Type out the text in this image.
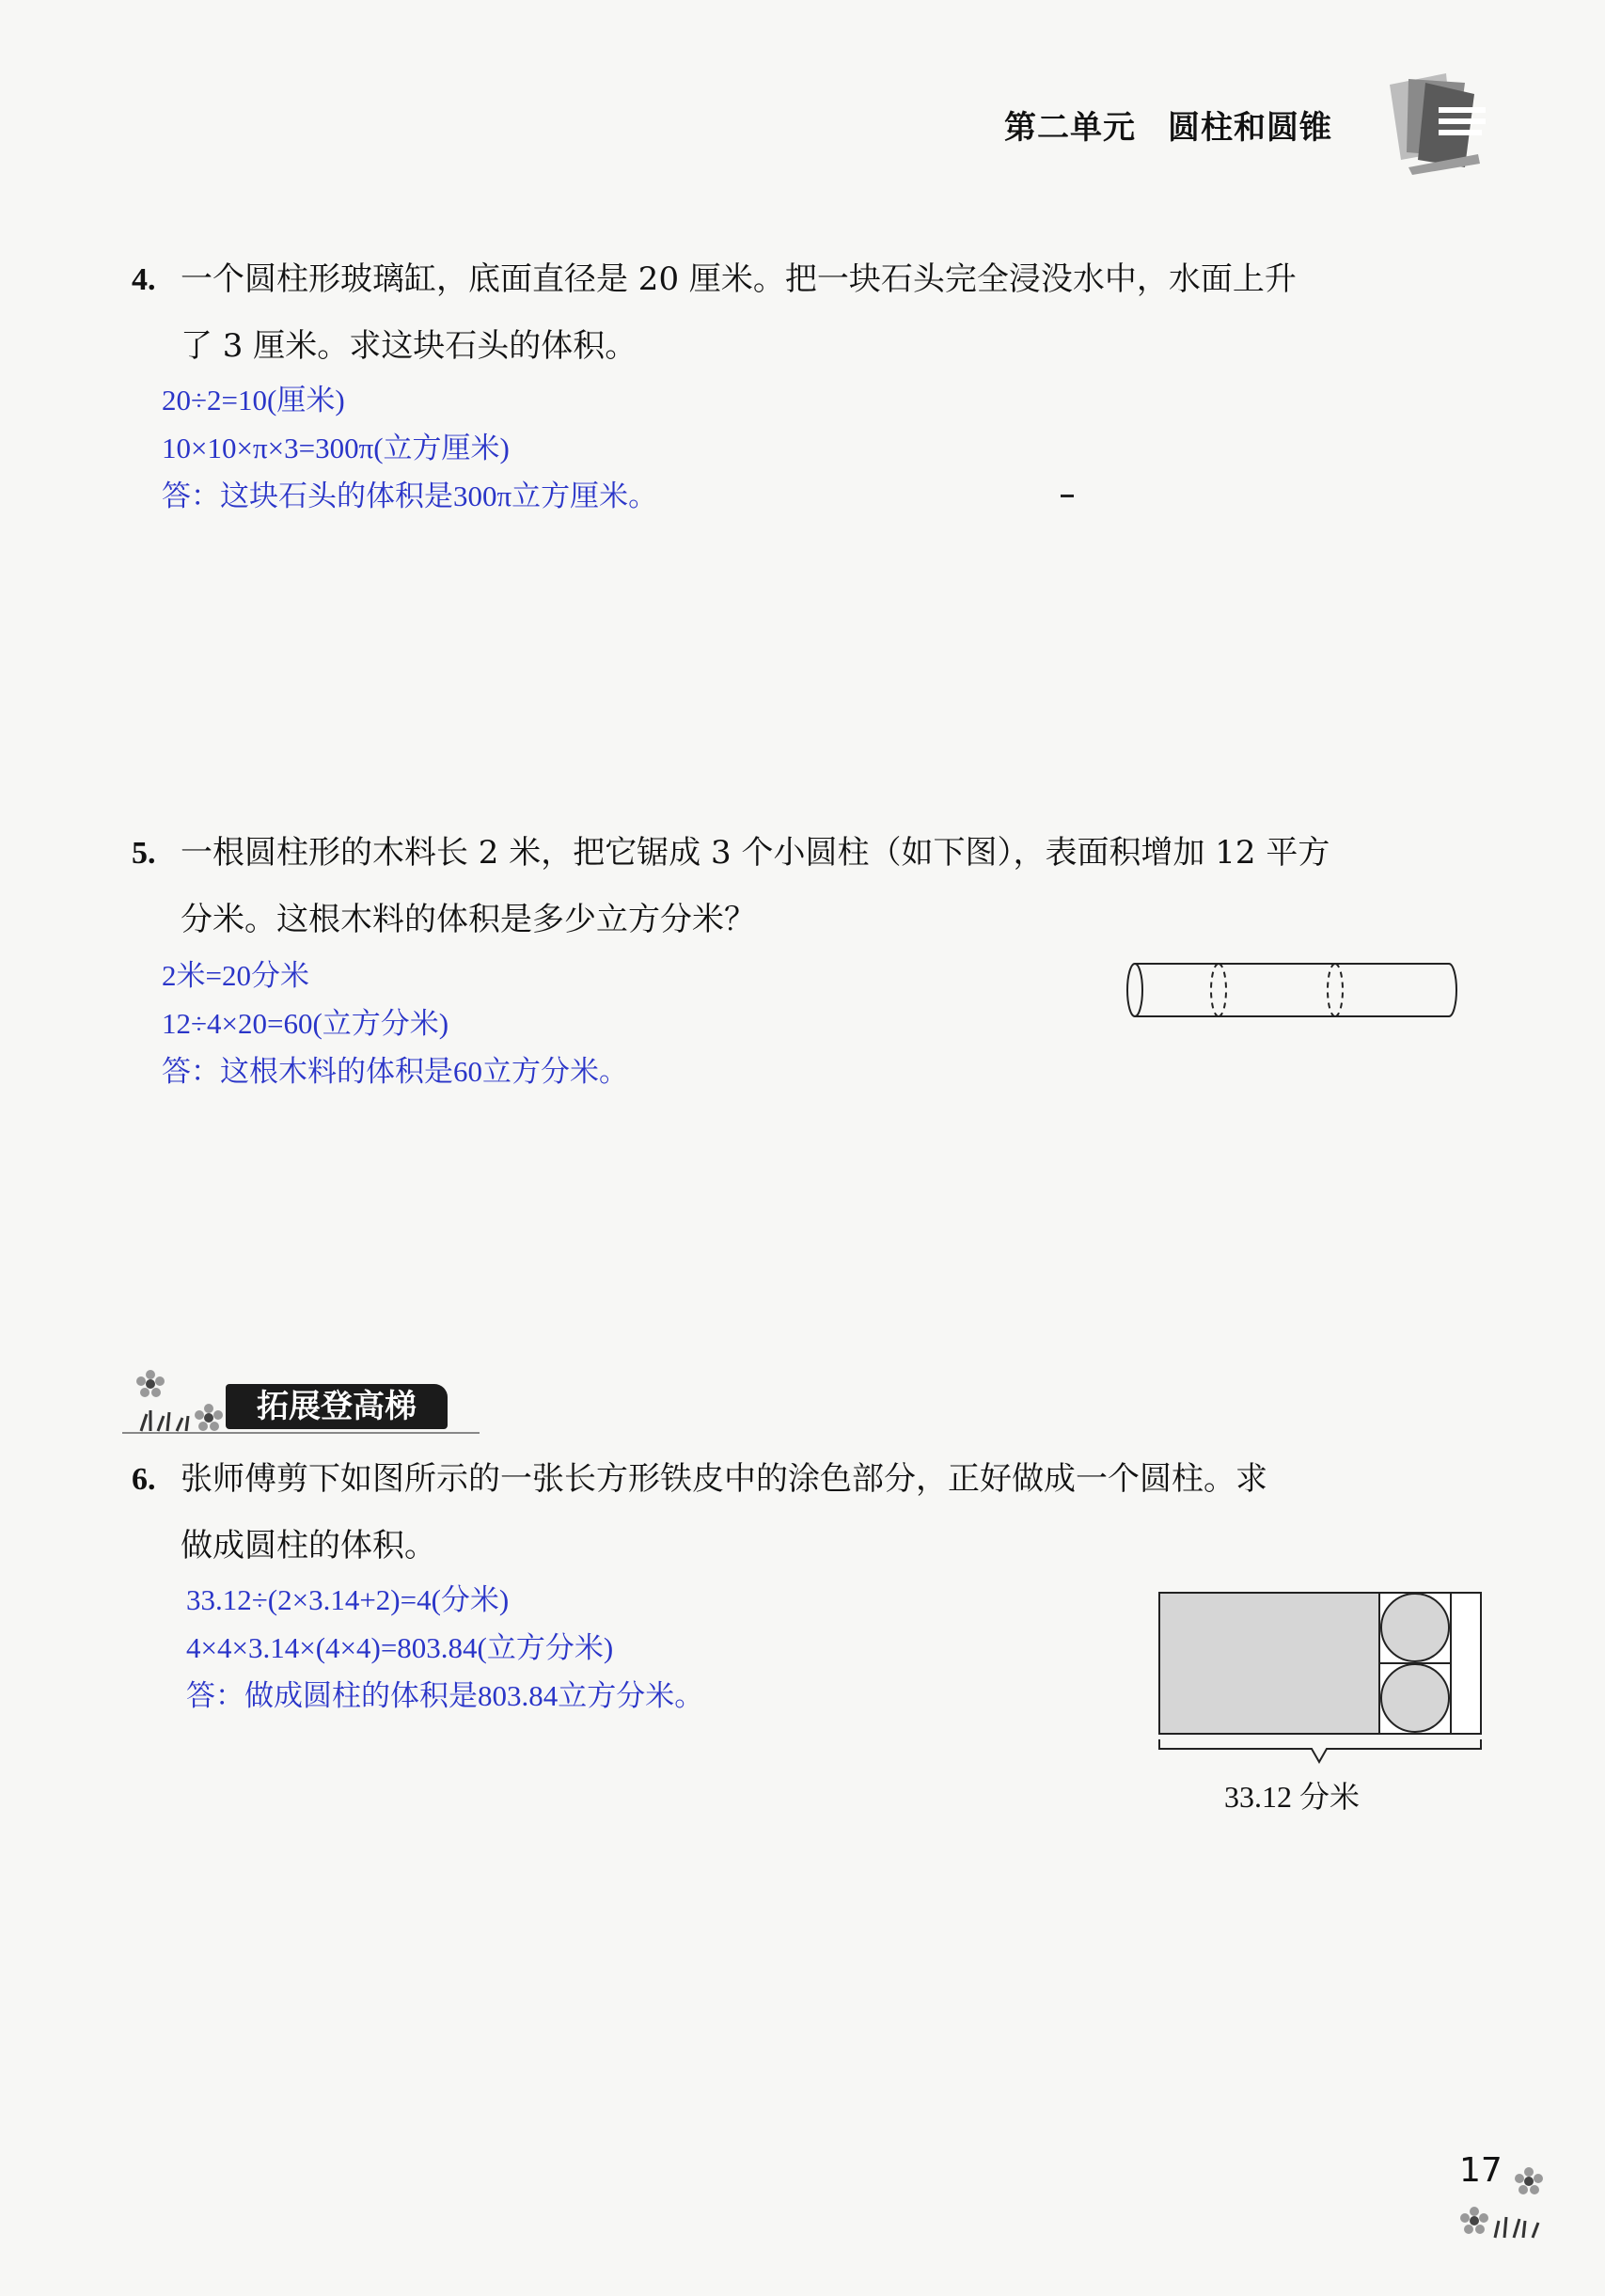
第二单元 圆柱和圆锥
4. 一个圆柱形玻璃缸，底面直径是 20 厘米。把一块石头完全浸没水中，水面上升
了 3 厘米。求这块石头的体积。
20÷2=10(厘米)
10×10×π×3=300π(立方厘米)
答：这块石头的体积是300π立方厘米。
5. 一根圆柱形的木料长 2 米，把它锯成 3 个小圆柱（如下图），表面积增加 12 平方
分米。这根木料的体积是多少立方分米？
2米=20分米
12÷4×20=60(立方分米)
答：这根木料的体积是60立方分米。
拓展登高梯
6. 张师傅剪下如图所示的一张长方形铁皮中的涂色部分，正好做成一个圆柱。求
做成圆柱的体积。
33.12÷(2×3.14+2)=4(分米)
4×4×3.14×(4×4)=803.84(立方分米)
答：做成圆柱的体积是803.84立方分米。
33.12 分米
17
